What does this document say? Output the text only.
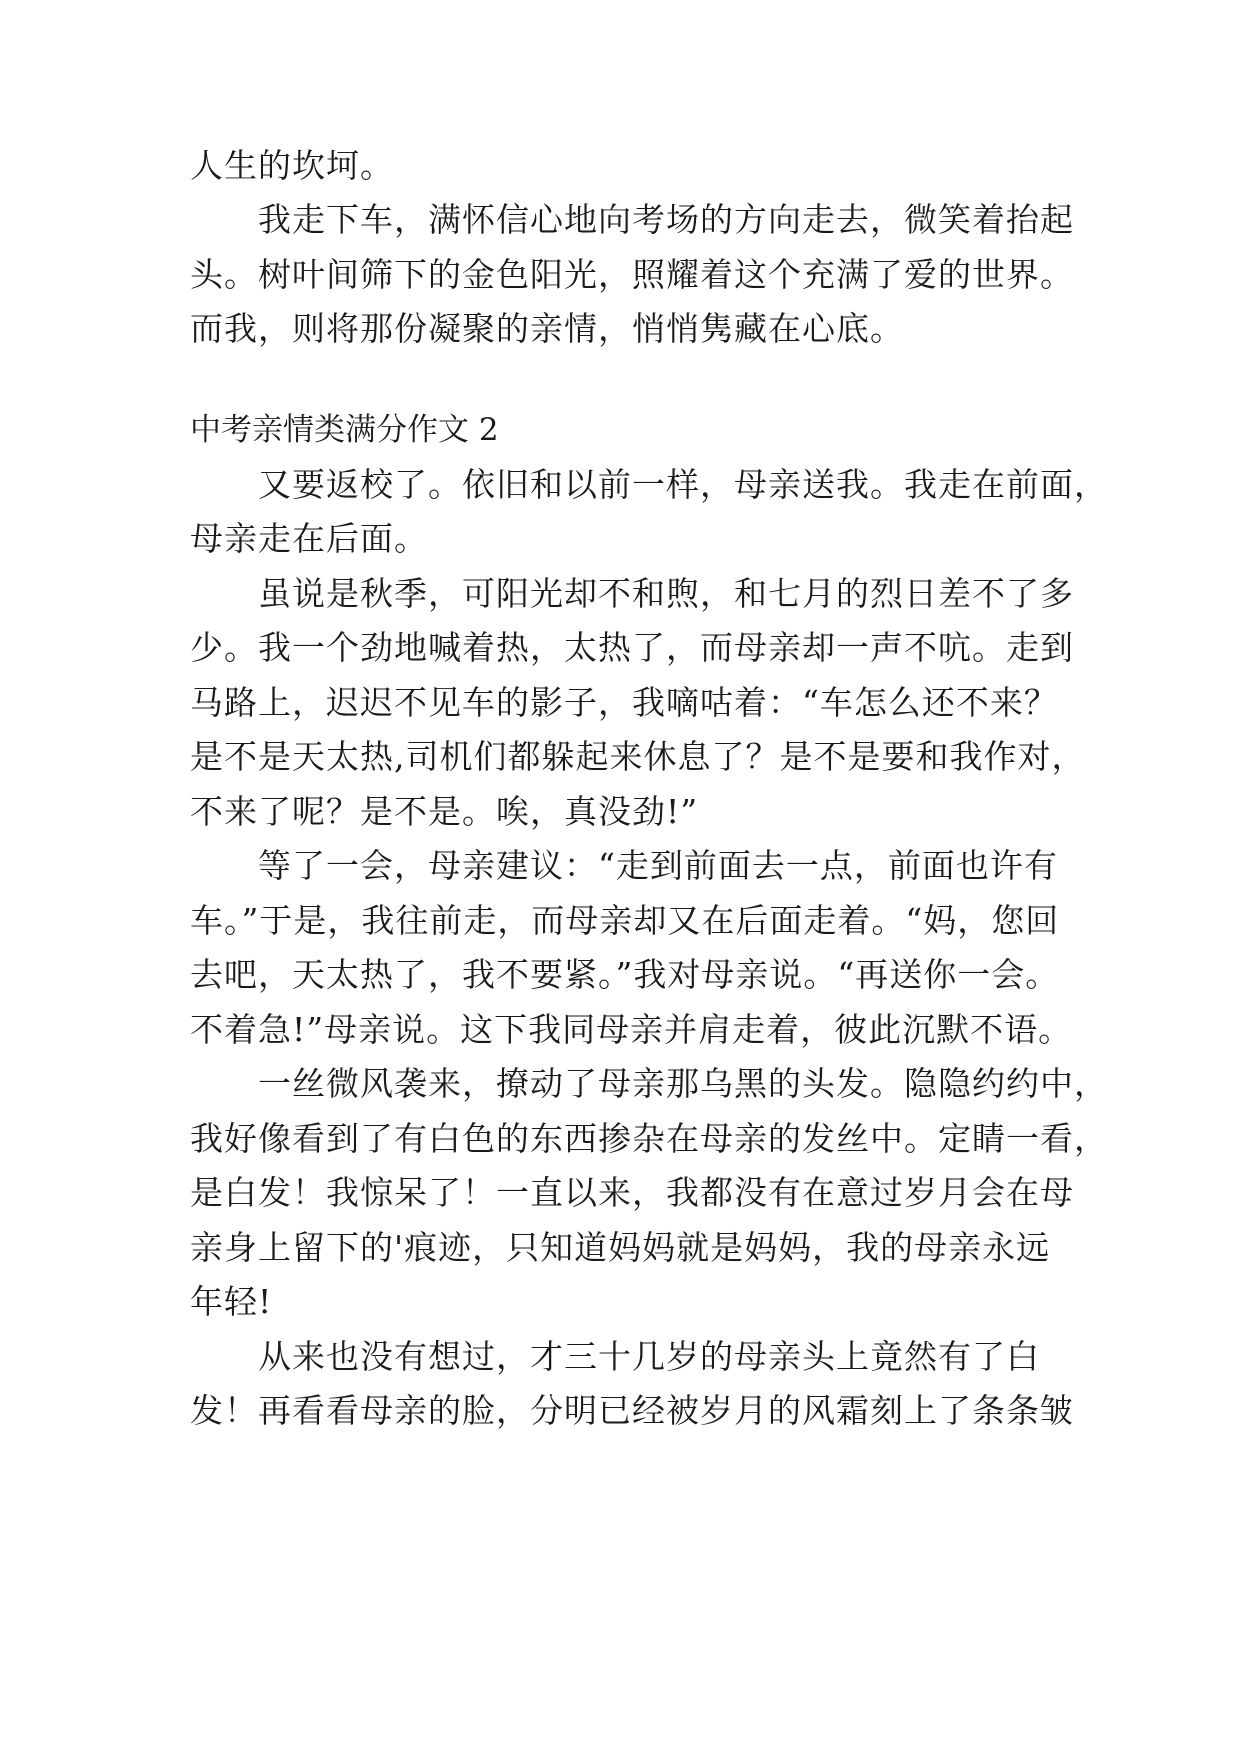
人生的坎坷。
我走下车，满怀信心地向考场的方向走去，微笑着抬起
头。树叶间筛下的金色阳光，照耀着这个充满了爱的世界。
而我，则将那份凝聚的亲情，悄悄隽藏在心底。
中考亲情类满分作文 2
又要返校了。依旧和以前一样，母亲送我。我走在前面，
母亲走在后面。
虽说是秋季，可阳光却不和煦，和七月的烈日差不了多
少。我一个劲地喊着热，太热了，而母亲却一声不吭。走到
马路上，迟迟不见车的影子，我嘀咕着：“车怎么还不来？
是不是天太热,司机们都躲起来休息了？是不是要和我作对，
不来了呢？是不是。唉，真没劲!”
等了一会，母亲建议：“走到前面去一点，前面也许有
车。”于是，我往前走，而母亲却又在后面走着。“妈，您回
去吧，天太热了，我不要紧。”我对母亲说。“再送你一会。
不着急!”母亲说。这下我同母亲并肩走着，彼此沉默不语。
一丝微风袭来，撩动了母亲那乌黑的头发。隐隐约约中，
我好像看到了有白色的东西掺杂在母亲的发丝中。定睛一看，
是白发！我惊呆了！一直以来，我都没有在意过岁月会在母
亲身上留下的'痕迹，只知道妈妈就是妈妈，我的母亲永远
年轻!
从来也没有想过，才三十几岁的母亲头上竟然有了白
发！再看看母亲的脸，分明已经被岁月的风霜刻上了条条皱
